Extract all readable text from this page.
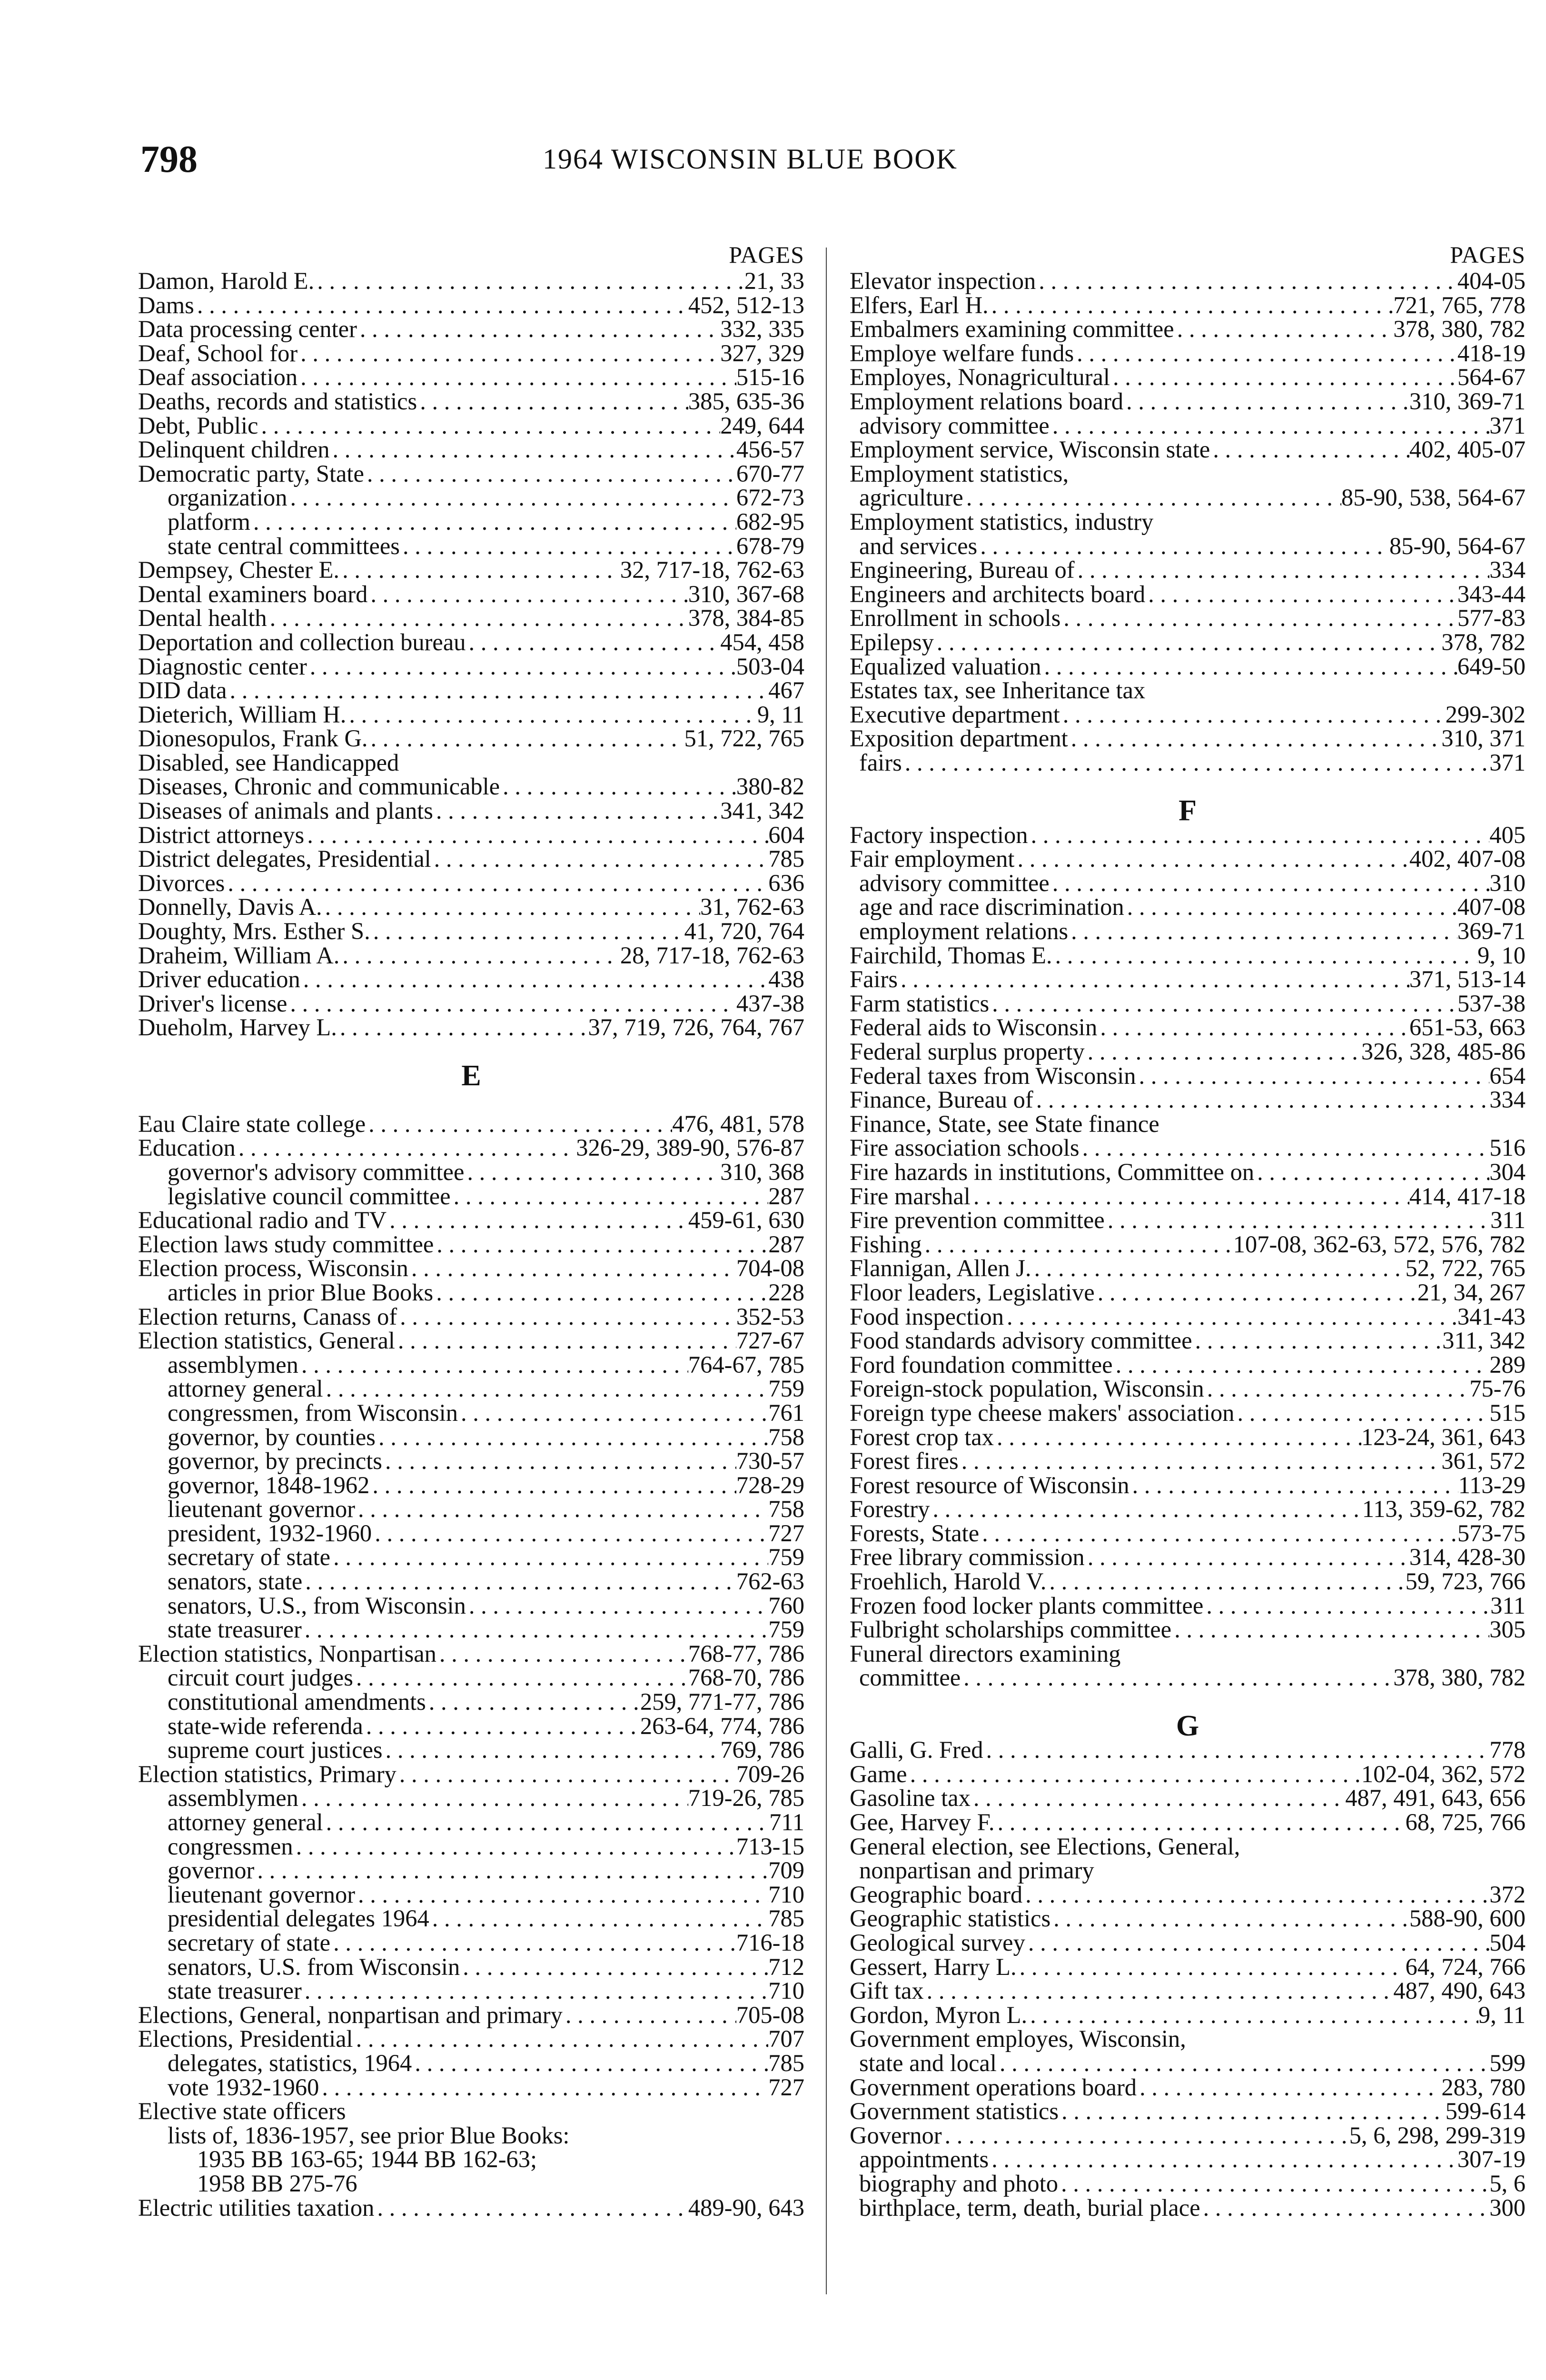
798	1964 WISCONSIN BLUE BOOK
PAGES
Damon, Harold E. . . .	21, 33
Dams . . .	452, 512-13
Data processing center . . .	332, 335
Deaf, School for . . .	327, 329
Deaf association . . .	515-16
Deaths, records and statistics . . .	385, 635-36
Debt, Public . . .	249, 644
Delinquent children . . .	456-57
Democratic party, State . . .	670-77
organization . . .	672-73
platform . . .	682-95
state central committees . . .	678-79
Dempsey, Chester E. . . .	32, 717-18, 762-63
Dental examiners board . . .	310, 367-68
Dental health . . .	378, 384-85
Deportation and collection bureau . . .	454, 458
Diagnostic center . . .	503-04
DID data . . .	467
Dieterich, William H. . . .	9, 11
Dionesopulos, Frank G. . . .	51, 722, 765
Disabled, see Handicapped
Diseases, Chronic and communicable . . .	380-82
Diseases of animals and plants . . .	341, 342
District attorneys . . .	604
District delegates, Presidential . . .	785
Divorces . . .	636
Donnelly, Davis A. . . .	31, 762-63
Doughty, Mrs. Esther S. . . .	41, 720, 764
Draheim, William A. . . .	28, 717-18, 762-63
Driver education . . .	438
Driver's license . . .	437-38
Dueholm, Harvey L. . . .	37, 719, 726, 764, 767
E
Eau Claire state college . . .	476, 481, 578
Education . . .	326-29, 389-90, 576-87
governor's advisory committee . . .	310, 368
legislative council committee . . .	287
Educational radio and TV . . .	459-61, 630
Election laws study committee . . .	287
Election process, Wisconsin . . .	704-08
articles in prior Blue Books . . .	228
Election returns, Canass of . . .	352-53
Election statistics, General . . .	727-67
assemblymen . . .	764-67, 785
attorney general . . .	759
congressmen, from Wisconsin . . .	761
governor, by counties . . .	758
governor, by precincts . . .	730-57
governor, 1848-1962 . . .	728-29
lieutenant governor . . .	758
president, 1932-1960 . . .	727
secretary of state . . .	759
senators, state . . .	762-63
senators, U.S., from Wisconsin . . .	760
state treasurer . . .	759
Election statistics, Nonpartisan . . .	768-77, 786
circuit court judges . . .	768-70, 786
constitutional amendments . . .	259, 771-77, 786
state-wide referenda . . .	263-64, 774, 786
supreme court justices . . .	769, 786
Election statistics, Primary . . .	709-26
assemblymen . . .	719-26, 785
attorney general . . .	711
congressmen . . .	713-15
governor . . .	709
lieutenant governor . . .	710
presidential delegates 1964 . . .	785
secretary of state . . .	716-18
senators, U.S. from Wisconsin . . .	712
state treasurer . . .	710
Elections, General, nonpartisan and primary . . .	705-08
Elections, Presidential . . .	707
delegates, statistics, 1964 . . .	785
vote 1932-1960 . . .	727
Elective state officers
lists of, 1836-1957, see prior Blue Books:
1935 BB 163-65; 1944 BB 162-63;
1958 BB 275-76
Electric utilities taxation . . .	489-90, 643
PAGES
Elevator inspection . . .	404-05
Elfers, Earl H. . . .	721, 765, 778
Embalmers examining committee . . .	378, 380, 782
Employe welfare funds . . .	418-19
Employes, Nonagricultural . . .	564-67
Employment relations board . . .	310, 369-71
advisory committee . . .	371
Employment service, Wisconsin state . . .	402, 405-07
Employment statistics,
agriculture . . .	85-90, 538, 564-67
Employment statistics, industry
and services . . .	85-90, 564-67
Engineering, Bureau of . . .	334
Engineers and architects board . . .	343-44
Enrollment in schools . . .	577-83
Epilepsy . . .	378, 782
Equalized valuation . . .	649-50
Estates tax, see Inheritance tax
Executive department . . .	299-302
Exposition department . . .	310, 371
fairs . . .	371
F
Factory inspection . . .	405
Fair employment . . .	402, 407-08
advisory committee . . .	310
age and race discrimination . . .	407-08
employment relations . . .	369-71
Fairchild, Thomas E. . . .	9, 10
Fairs . . .	371, 513-14
Farm statistics . . .	537-38
Federal aids to Wisconsin . . .	651-53, 663
Federal surplus property . . .	326, 328, 485-86
Federal taxes from Wisconsin . . .	654
Finance, Bureau of . . .	334
Finance, State, see State finance
Fire association schools . . .	516
Fire hazards in institutions, Committee on . . .	304
Fire marshal . . .	414, 417-18
Fire prevention committee . . .	311
Fishing . . .	107-08, 362-63, 572, 576, 782
Flannigan, Allen J. . . .	52, 722, 765
Floor leaders, Legislative . . .	21, 34, 267
Food inspection . . .	341-43
Food standards advisory committee . . .	311, 342
Ford foundation committee . . .	289
Foreign-stock population, Wisconsin . . .	75-76
Foreign type cheese makers' association . . .	515
Forest crop tax . . .	123-24, 361, 643
Forest fires . . .	361, 572
Forest resource of Wisconsin . . .	113-29
Forestry . . .	113, 359-62, 782
Forests, State . . .	573-75
Free library commission . . .	314, 428-30
Froehlich, Harold V. . . .	59, 723, 766
Frozen food locker plants committee . . .	311
Fulbright scholarships committee . . .	305
Funeral directors examining
committee . . .	378, 380, 782
G
Galli, G. Fred . . .	778
Game . . .	102-04, 362, 572
Gasoline tax . . .	487, 491, 643, 656
Gee, Harvey F. . . .	68, 725, 766
General election, see Elections, General,
nonpartisan and primary
Geographic board . . .	372
Geographic statistics . . .	588-90, 600
Geological survey . . .	504
Gessert, Harry L. . . .	64, 724, 766
Gift tax . . .	487, 490, 643
Gordon, Myron L. . . .	9, 11
Government employes, Wisconsin,
state and local . . .	599
Government operations board . . .	283, 780
Government statistics . . .	599-614
Governor . . .	5, 6, 298, 299-319
appointments . . .	307-19
biography and photo . . .	5, 6
birthplace, term, death, burial place . . .	300
